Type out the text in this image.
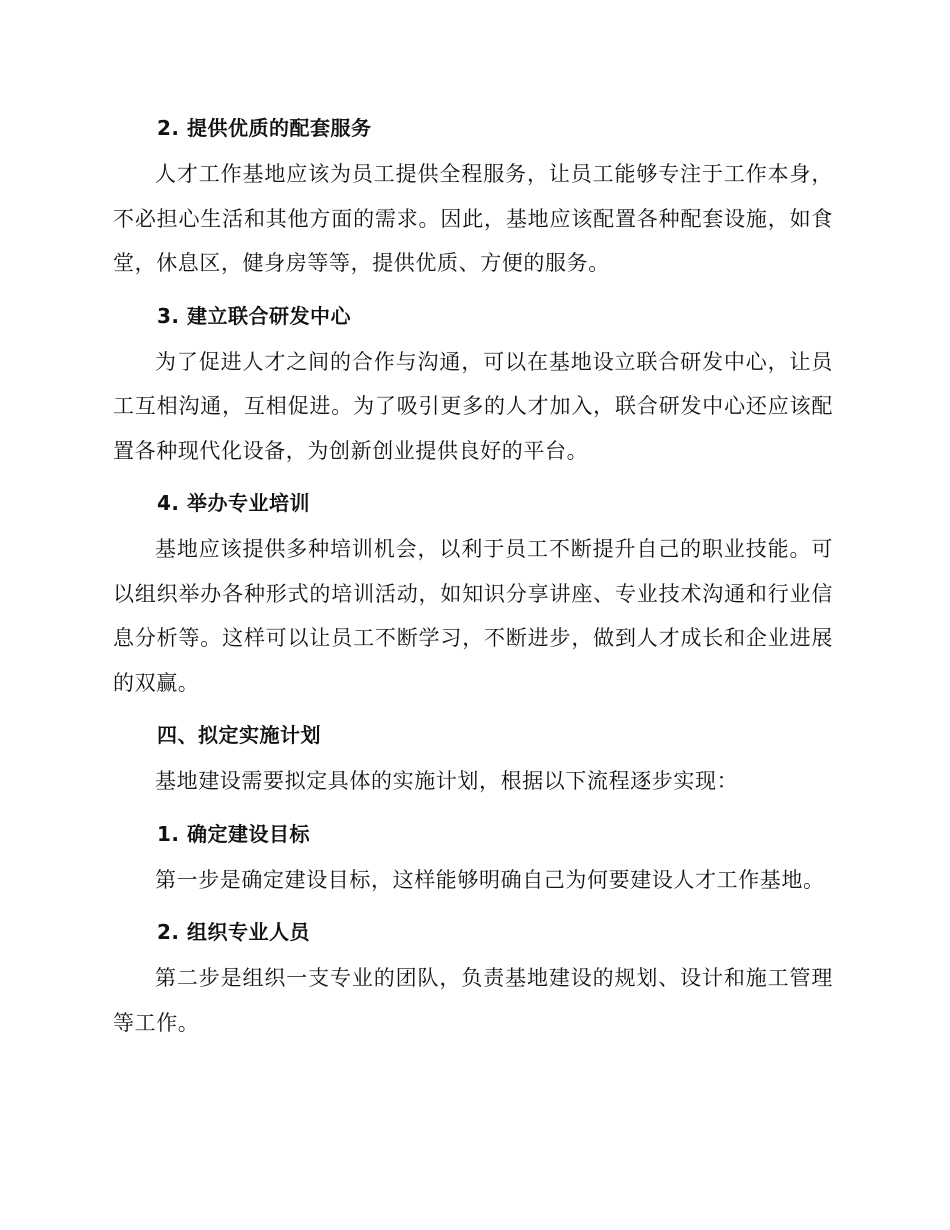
2. 提供优质的配套服务

人才工作基地应该为员工提供全程服务，让员工能够专注于工作本身，不必担心生活和其他方面的需求。因此，基地应该配置各种配套设施，如食堂，休息区，健身房等等，提供优质、方便的服务。

3. 建立联合研发中心

为了促进人才之间的合作与沟通，可以在基地设立联合研发中心，让员工互相沟通，互相促进。为了吸引更多的人才加入，联合研发中心还应该配置各种现代化设备，为创新创业提供良好的平台。

4. 举办专业培训

基地应该提供多种培训机会，以利于员工不断提升自己的职业技能。可以组织举办各种形式的培训活动，如知识分享讲座、专业技术沟通和行业信息分析等。这样可以让员工不断学习，不断进步，做到人才成长和企业进展的双赢。

四、拟定实施计划

基地建设需要拟定具体的实施计划，根据以下流程逐步实现：

1. 确定建设目标

第一步是确定建设目标，这样能够明确自己为何要建设人才工作基地。

2. 组织专业人员

第二步是组织一支专业的团队，负责基地建设的规划、设计和施工管理等工作。
